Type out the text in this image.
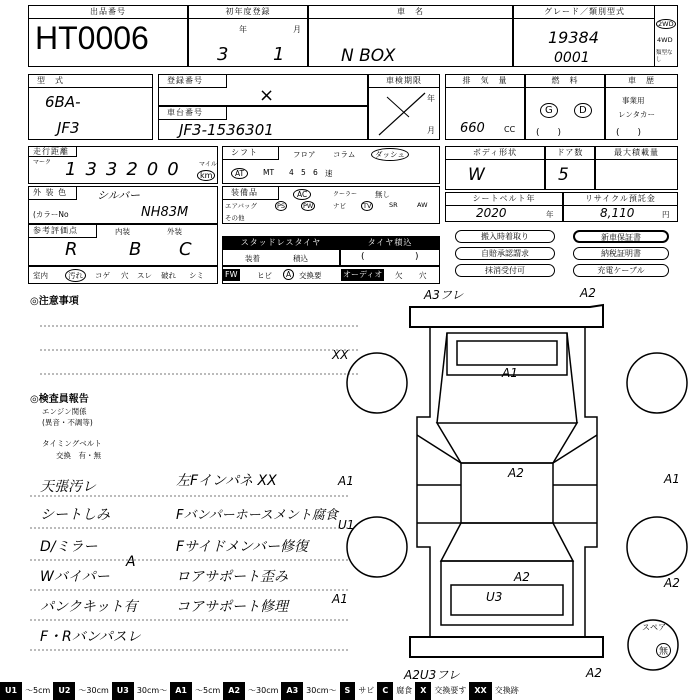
出品番号
HT0006
初年度登録
年	月
3 1
車　名
N BOX
グレード／類別型式
19384
0001
2WD
4WD
類型なし
型　式
6BA-
JF3
登録番号
×
車台番号
JF3-1536301
車検期限
年
月
排　気　量
660 CC
燃　料
G	D
(　　)
車　歴
事業用
レンタカー
(　　)
走行距離
マーク 133200 マイル
km
シフト	フロア コラム	ダッシュ
AT	MT 4 5 6 速
ボディ形状
W
ドア数
5
最大積載量
外 装 色	シルバー
(カラーNo	NH83M
装備品	AC	クーラー 無し
エアバッグ	PS	PW	ナビ	TV	SR	AW
その他
シートベルト年
2020	年
リサイクル預託金
8,110	円
参考評価点	内装	外装
R	B C	スタッドレスタイヤ
装着	積込
タイヤ積込
(	)
搬入時着取り
自賠承認謂求
抹消受付可
新車保証書
納税証明書
充電ケーブル
室内	汚れ	コゲ 穴 スレ 破れ シミ	FW	ヒビ	A	交換要	オーディオ 欠 穴
◎注意事項
◎検査員報告
エンジン関係
(異音・不調等)
タイミングベルト
交換　有・無
天張汚レ
シートしみ
D/ミラー
Wバイパー
パンクキット有
F・Rバンパスレ
左Fインパネ XX
Fバンパーホースメント腐食
Fサイドメンバー修復
ロアサポート歪み
コアサポート修理
A
A3フレ	A2
XX
A1
A2
A1
U1
A1	U3
A1
A2	A2
A2U3フレ	A2
スペア
無
U1	～5cm	U2	～30cm	U3	30cm～	A1	～5cm	A2	～30cm	A3	30cm～	S	サビ	C	腐食	X	交換要す	XX	交換跡
